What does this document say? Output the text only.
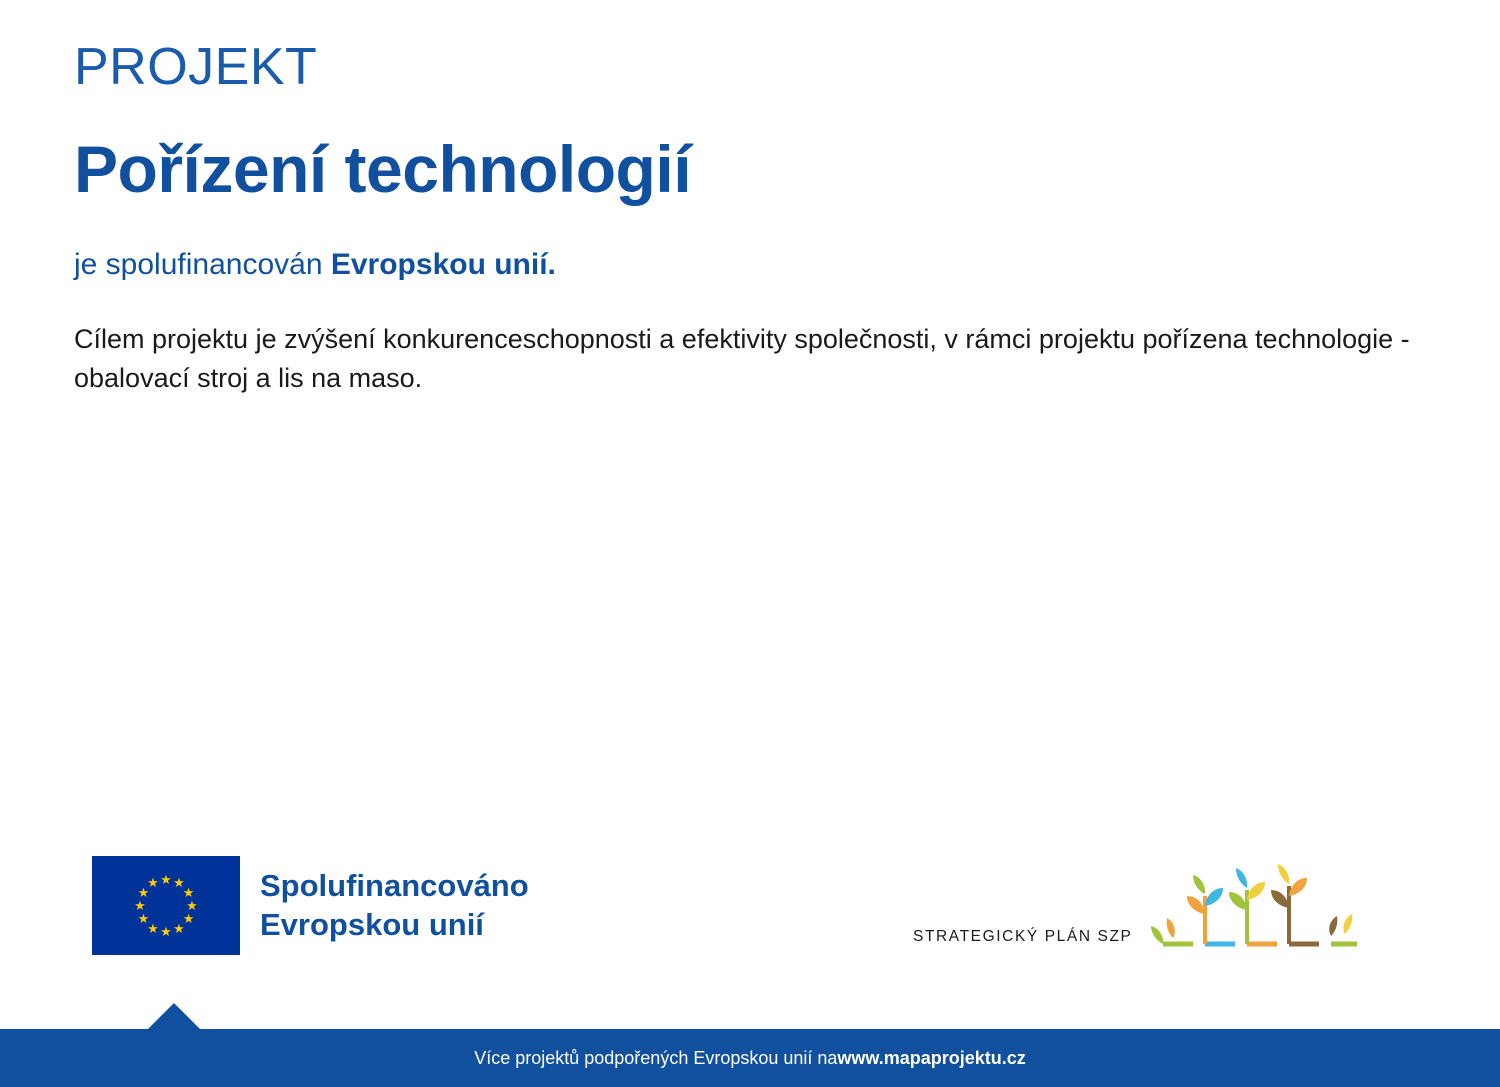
PROJEKT
Pořízení technologií
je spolufinancován Evropskou unií.
Cílem projektu je zvýšení konkurenceschopnosti a efektivity společnosti, v rámci projektu pořízena technologie - obalovací stroj a lis na maso.
★ ★
★
★
★
★
★
★
★
★
★
★	Spolufinancováno
Evropskou unií	STRATEGICKÝ PLÁN SZP
Více projektů podpořených Evropskou unií na www.mapaprojektu.cz
